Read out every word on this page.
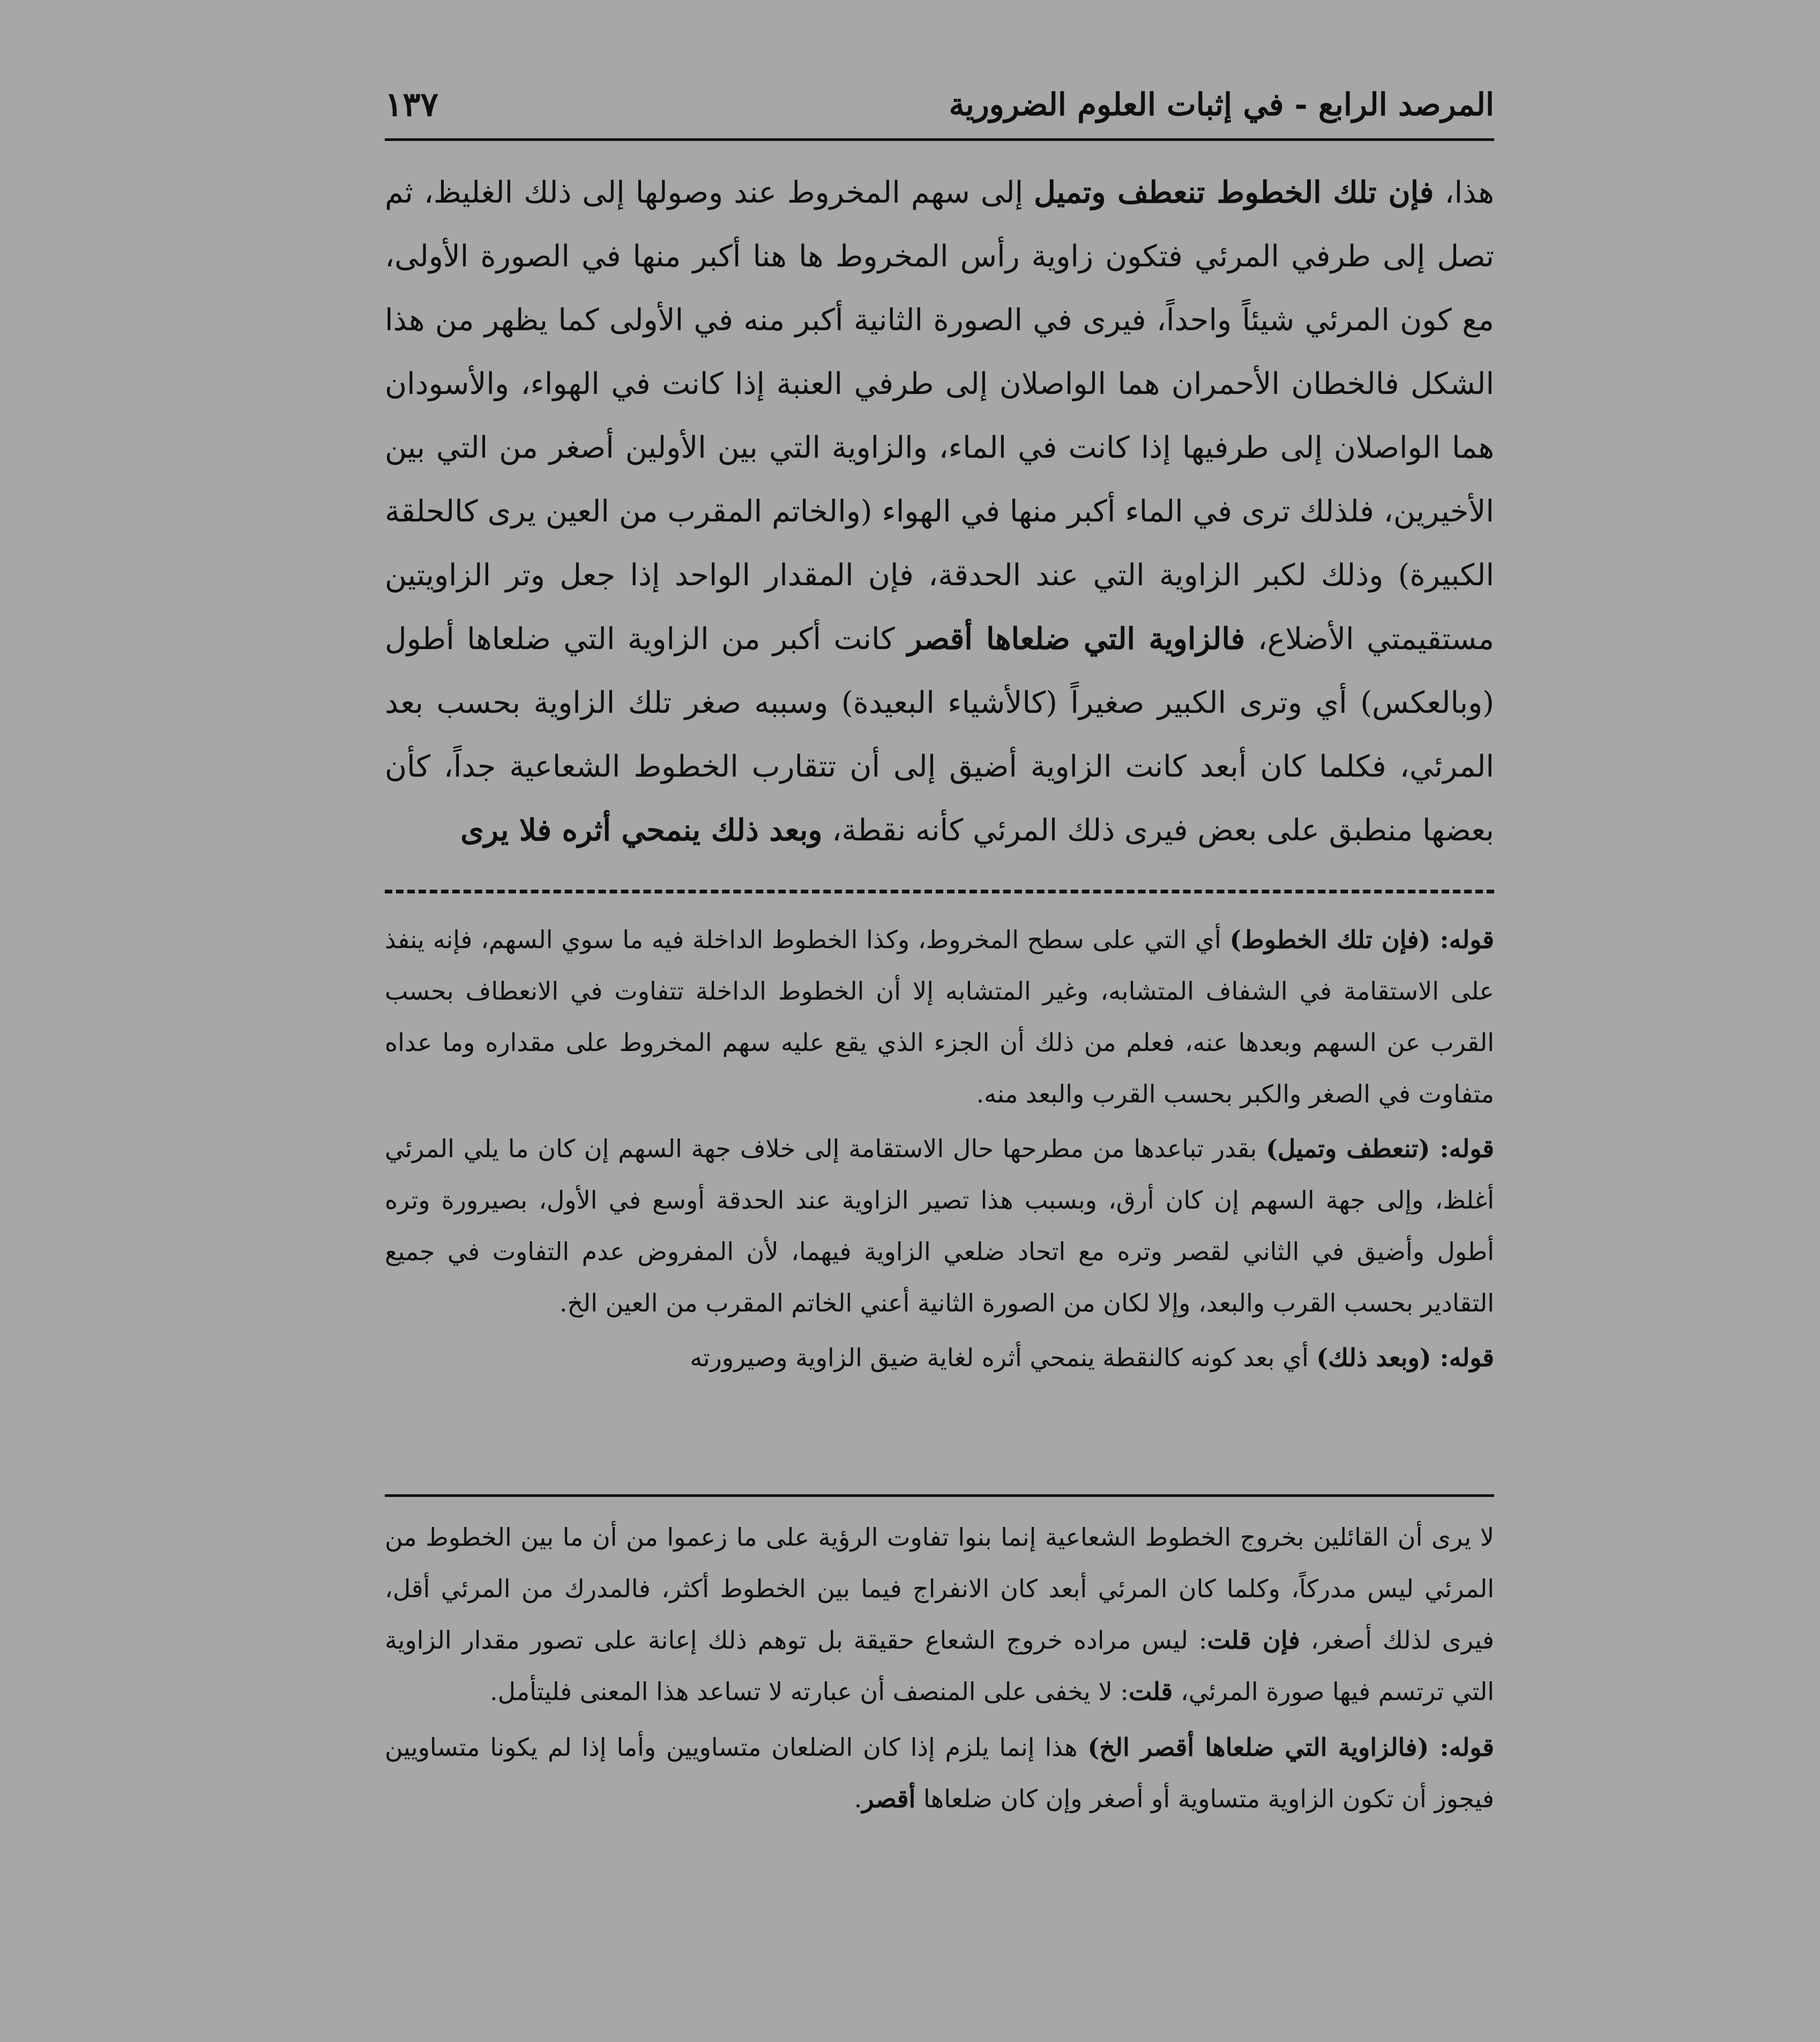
المرصد الرابع - في إثبات العلوم الضرورية
١٣٧
هذا، فإن تلك الخطوط تنعطف وتميل إلى سهم المخروط عند وصولها إلى ذلك الغليظ، ثم تصل إلى طرفي المرئي فتكون زاوية رأس المخروط ها هنا أكبر منها في الصورة الأولى، مع كون المرئي شيئاً واحداً، فيرى في الصورة الثانية أكبر منه في الأولى كما يظهر من هذا الشكل فالخطان الأحمران هما الواصلان إلى طرفي العنبة إذا كانت في الهواء، والأسودان هما الواصلان إلى طرفيها إذا كانت في الماء، والزاوية التي بين الأولين أصغر من التي بين الأخيرين، فلذلك ترى في الماء أكبر منها في الهواء (والخاتم المقرب من العين يرى كالحلقة الكبيرة) وذلك لكبر الزاوية التي عند الحدقة، فإن المقدار الواحد إذا جعل وتر الزاويتين مستقيمتي الأضلاع، فالزاوية التي ضلعاها أقصر كانت أكبر من الزاوية التي ضلعاها أطول (وبالعكس) أي وترى الكبير صغيراً (كالأشياء البعيدة) وسببه صغر تلك الزاوية بحسب بعد المرئي، فكلما كان أبعد كانت الزاوية أضيق إلى أن تتقارب الخطوط الشعاعية جداً، كأن بعضها منطبق على بعض فيرى ذلك المرئي كأنه نقطة، وبعد ذلك ينمحي أثره فلا يرى

قوله: (فإن تلك الخطوط) أي التي على سطح المخروط، وكذا الخطوط الداخلة فيه ما سوي السهم، فإنه ينفذ على الاستقامة في الشفاف المتشابه، وغير المتشابه إلا أن الخطوط الداخلة تتفاوت في الانعطاف بحسب القرب عن السهم وبعدها عنه، فعلم من ذلك أن الجزء الذي يقع عليه سهم المخروط على مقداره وما عداه متفاوت في الصغر والكبر بحسب القرب والبعد منه.

قوله: (تنعطف وتميل) بقدر تباعدها من مطرحها حال الاستقامة إلى خلاف جهة السهم إن كان ما يلي المرئي أغلظ، وإلى جهة السهم إن كان أرق، وبسبب هذا تصير الزاوية عند الحدقة أوسع في الأول، بصيرورة وتره أطول وأضيق في الثاني لقصر وتره مع اتحاد ضلعي الزاوية فيهما، لأن المفروض عدم التفاوت في جميع التقادير بحسب القرب والبعد، وإلا لكان من الصورة الثانية أعني الخاتم المقرب من العين الخ.

قوله: (وبعد ذلك) أي بعد كونه كالنقطة ينمحي أثره لغاية ضيق الزاوية وصيرورته

لا يرى أن القائلين بخروج الخطوط الشعاعية إنما بنوا تفاوت الرؤية على ما زعموا من أن ما بين الخطوط من المرئي ليس مدركاً، وكلما كان المرئي أبعد كان الانفراج فيما بين الخطوط أكثر، فالمدرك من المرئي أقل، فيرى لذلك أصغر، فإن قلت: ليس مراده خروج الشعاع حقيقة بل توهم ذلك إعانة على تصور مقدار الزاوية التي ترتسم فيها صورة المرئي، قلت: لا يخفى على المنصف أن عبارته لا تساعد هذا المعنى فليتأمل.

قوله: (فالزاوية التي ضلعاها أقصر الخ) هذا إنما يلزم إذا كان الضلعان متساويين وأما إذا لم يكونا متساويين فيجوز أن تكون الزاوية متساوية أو أصغر وإن كان ضلعاها أقصر.
